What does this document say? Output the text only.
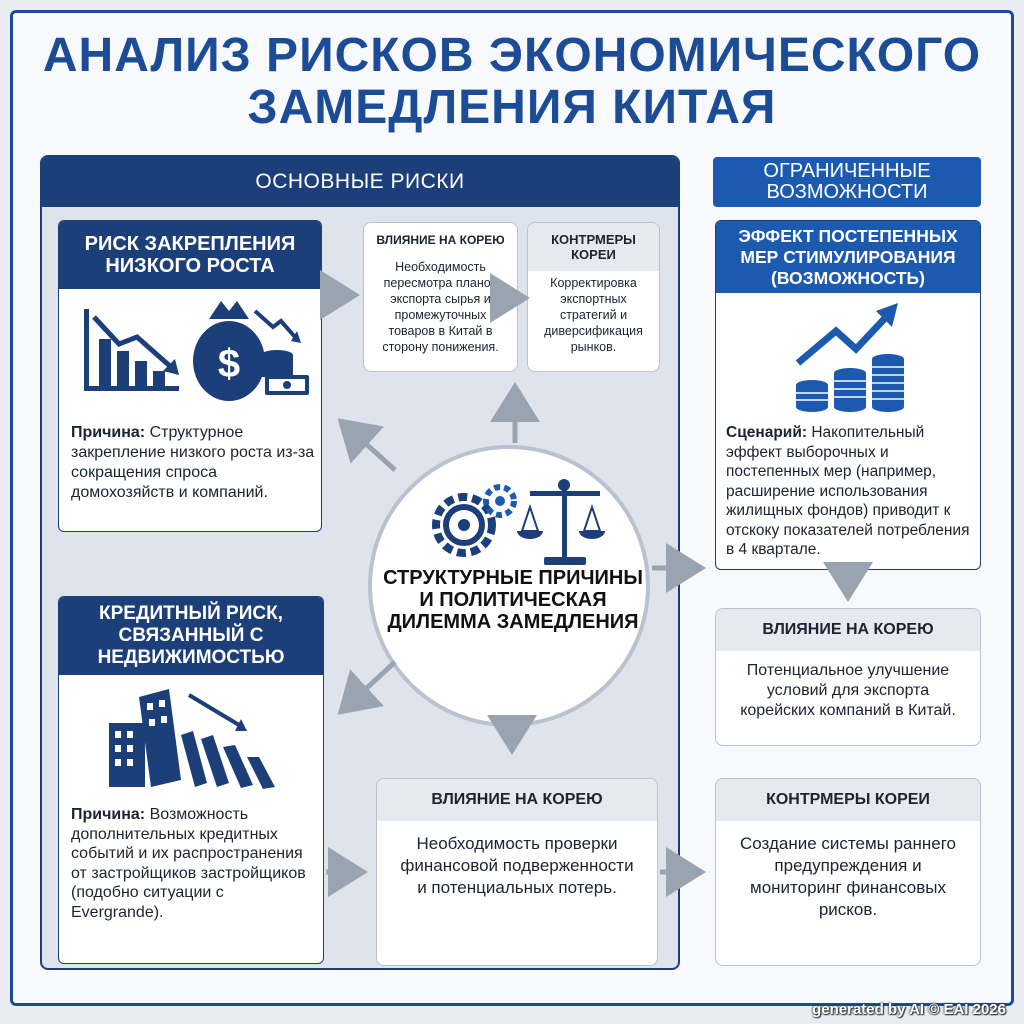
АНАЛИЗ РИСКОВ ЭКОНОМИЧЕСКОГО
ЗАМЕДЛЕНИЯ КИТАЯ
ОСНОВНЫЕ РИСКИ
РИСК ЗАКРЕПЛЕНИЯ НИЗКОГО РОСТА
$
Причина: Структурное закрепление низкого роста из-за сокращения спроса домохозяйств и компаний.
ВЛИЯНИЕ НА КОРЕЮ
Необходимость пересмотра планов экспорта сырья и промежуточных товаров в Китай в сторону понижения.
КОНТРМЕРЫ КОРЕИ
Корректировка экспортных стратегий и диверсификация рынков.
КРЕДИТНЫЙ РИСК, СВЯЗАННЫЙ С НЕДВИЖИМОСТЬЮ
Причина: Возможность дополнительных кредитных событий и их распространения от застройщиков застройщиков (подобно ситуации с Evergrande).
ВЛИЯНИЕ НА КОРЕЮ
Необходимость проверки финансовой подверженности и потенциальных потерь.
СТРУКТУРНЫЕ ПРИЧИНЫ И ПОЛИТИЧЕСКАЯ ДИЛЕММА ЗАМЕДЛЕНИЯ
ОГРАНИЧЕННЫЕ ВОЗМОЖНОСТИ
ЭФФЕКТ ПОСТЕПЕННЫХ МЕР СТИМУЛИРОВАНИЯ (ВОЗМОЖНОСТЬ)
Сценарий: Накопительный эффект выборочных и постепенных мер (например, расширение использования жилищных фондов) приводит к отскоку показателей потребления в 4 квартале.
ВЛИЯНИЕ НА КОРЕЮ
Потенциальное улучшение условий для экспорта корейских компаний в Китай.
КОНТРМЕРЫ КОРЕИ
Создание системы раннего предупреждения и мониторинг финансовых рисков.
generated by AI © EAI 2026
